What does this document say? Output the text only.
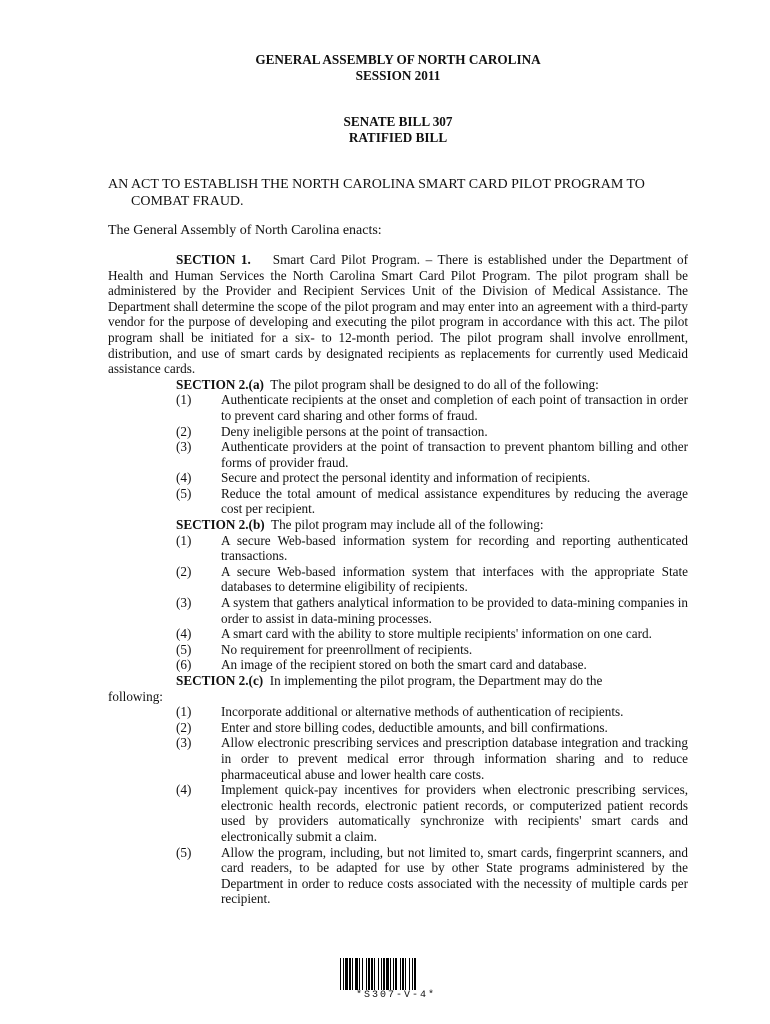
GENERAL ASSEMBLY OF NORTH CAROLINA
SESSION 2011
SENATE BILL 307
RATIFIED BILL

AN ACT TO ESTABLISH THE NORTH CAROLINA SMART CARD PILOT PROGRAM TO COMBAT FRAUD.

The General Assembly of North Carolina enacts:

SECTION 1. Smart Card Pilot Program. – There is established under the Department of Health and Human Services the North Carolina Smart Card Pilot Program. The pilot program shall be administered by the Provider and Recipient Services Unit of the Division of Medical Assistance. The Department shall determine the scope of the pilot program and may enter into an agreement with a third-party vendor for the purpose of developing and executing the pilot program in accordance with this act. The pilot program shall be initiated for a six- to 12-month period. The pilot program shall involve enrollment, distribution, and use of smart cards by designated recipients as replacements for currently used Medicaid assistance cards.

SECTION 2.(a) The pilot program shall be designed to do all of the following:

(1) Authenticate recipients at the onset and completion of each point of transaction in order to prevent card sharing and other forms of fraud.

(2) Deny ineligible persons at the point of transaction.

(3) Authenticate providers at the point of transaction to prevent phantom billing and other forms of provider fraud.

(4) Secure and protect the personal identity and information of recipients.

(5) Reduce the total amount of medical assistance expenditures by reducing the average cost per recipient.

SECTION 2.(b) The pilot program may include all of the following:

(1) A secure Web-based information system for recording and reporting authenticated transactions.

(2) A secure Web-based information system that interfaces with the appropriate State databases to determine eligibility of recipients.

(3) A system that gathers analytical information to be provided to data-mining companies in order to assist in data-mining processes.

(4) A smart card with the ability to store multiple recipients' information on one card.

(5) No requirement for preenrollment of recipients.

(6) An image of the recipient stored on both the smart card and database.

SECTION 2.(c) In implementing the pilot program, the Department may do the

following:

(1) Incorporate additional or alternative methods of authentication of recipients.

(2) Enter and store billing codes, deductible amounts, and bill confirmations.

(3) Allow electronic prescribing services and prescription database integration and tracking in order to prevent medical error through information sharing and to reduce pharmaceutical abuse and lower health care costs.

(4) Implement quick-pay incentives for providers when electronic prescribing services, electronic health records, electronic patient records, or computerized patient records used by providers automatically synchronize with recipients' smart cards and electronically submit a claim.

(5) Allow the program, including, but not limited to, smart cards, fingerprint scanners, and card readers, to be adapted for use by other State programs administered by the Department in order to reduce costs associated with the necessity of multiple cards per recipient.

*S307-V-4*
